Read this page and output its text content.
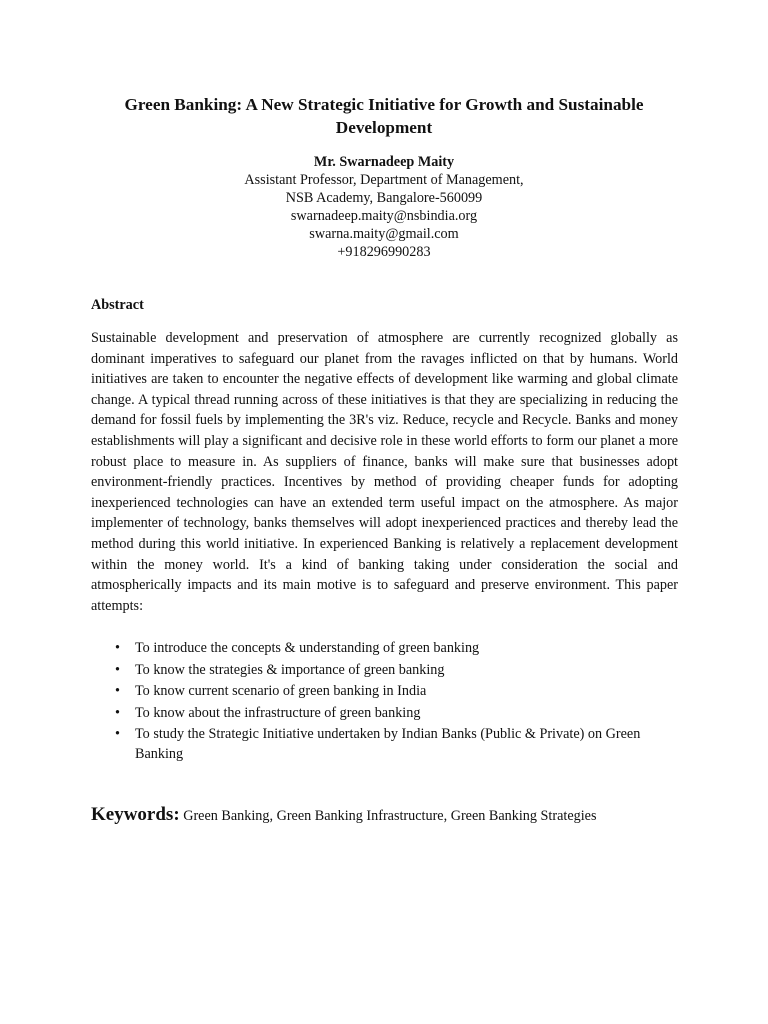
Green Banking: A New Strategic Initiative for Growth and Sustainable Development
Mr. Swarnadeep Maity
Assistant Professor, Department of Management,
NSB Academy, Bangalore-560099
swarnadeep.maity@nsbindia.org
swarna.maity@gmail.com
+918296990283
Abstract

Sustainable development and preservation of atmosphere are currently recognized globally as dominant imperatives to safeguard our planet from the ravages inflicted on that by humans. World initiatives are taken to encounter the negative effects of development like warming and global climate change. A typical thread running across of these initiatives is that they are specializing in reducing the demand for fossil fuels by implementing the 3R's viz. Reduce, recycle and Recycle. Banks and money establishments will play a significant and decisive role in these world efforts to form our planet a more robust place to measure in. As suppliers of finance, banks will make sure that businesses adopt environment-friendly practices. Incentives by method of providing cheaper funds for adopting inexperienced technologies can have an extended term useful impact on the atmosphere. As major implementer of technology, banks themselves will adopt inexperienced practices and thereby lead the method during this world initiative. In experienced Banking is relatively a replacement development within the money world. It's a kind of banking taking under consideration the social and atmospherically impacts and its main motive is to safeguard and preserve environment. This paper attempts:

• To introduce the concepts & understanding of green banking
• To know the strategies & importance of green banking
• To know current scenario of green banking in India
• To know about the infrastructure of green banking
• To study the Strategic Initiative undertaken by Indian Banks (Public & Private) on Green Banking
Keywords: Green Banking, Green Banking Infrastructure, Green Banking Strategies
